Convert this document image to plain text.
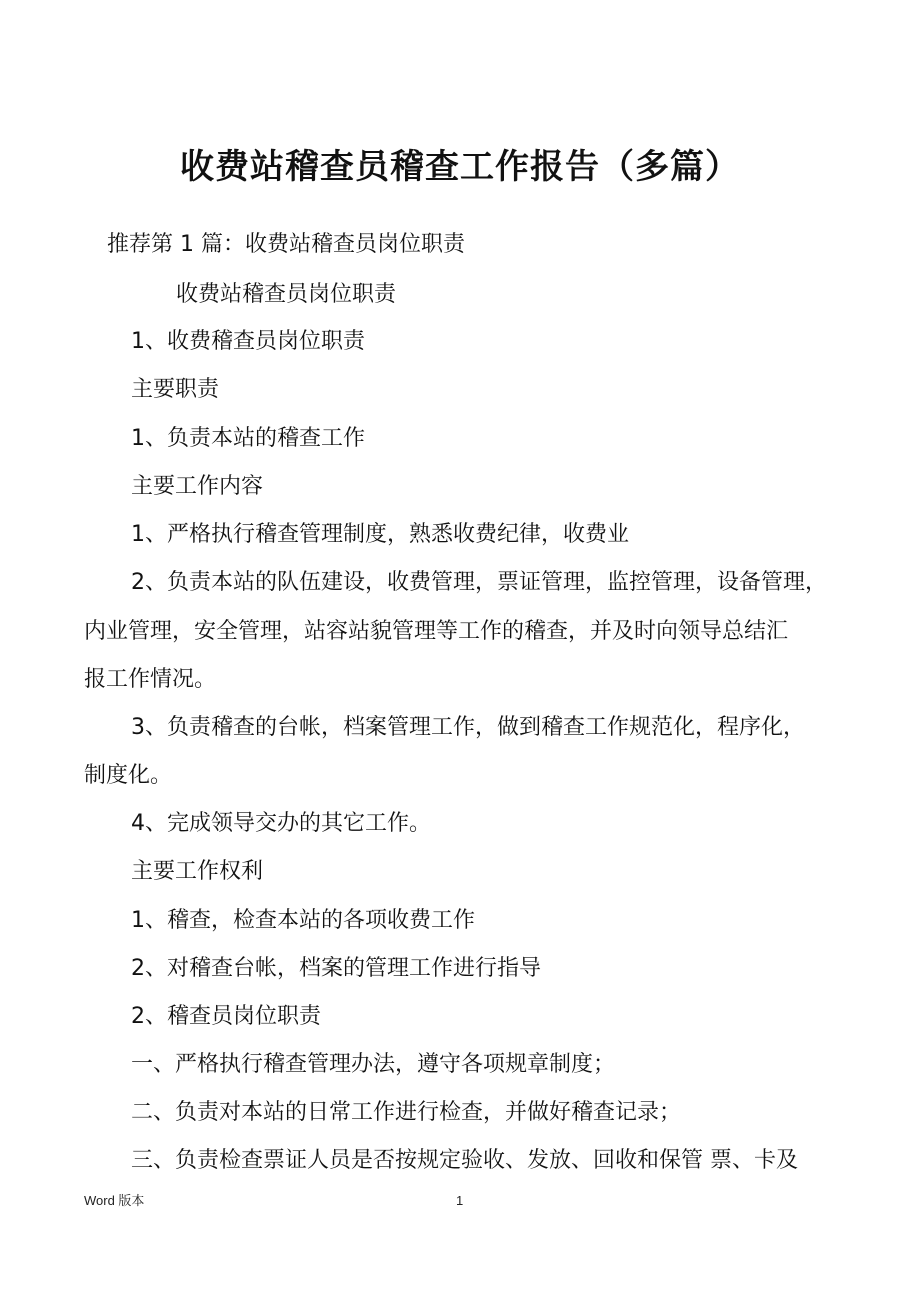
收费站稽查员稽查工作报告（多篇）
推荐第 1 篇：收费站稽查员岗位职责
收费站稽查员岗位职责
1、收费稽查员岗位职责
主要职责
1、负责本站的稽查工作
主要工作内容
1、严格执行稽查管理制度，熟悉收费纪律，收费业
2、负责本站的队伍建设，收费管理，票证管理，监控管理，设备管理，
内业管理，安全管理，站容站貌管理等工作的稽查，并及时向领导总结汇
报工作情况。
3、负责稽查的台帐，档案管理工作，做到稽查工作规范化，程序化，
制度化。
4、完成领导交办的其它工作。
主要工作权利
1、稽查，检查本站的各项收费工作
2、对稽查台帐，档案的管理工作进行指导
2、稽查员岗位职责
一、严格执行稽查管理办法，遵守各项规章制度；
二、负责对本站的日常工作进行检查，并做好稽查记录；
三、负责检查票证人员是否按规定验收、发放、回收和保管 票、卡及
Word 版本	1
